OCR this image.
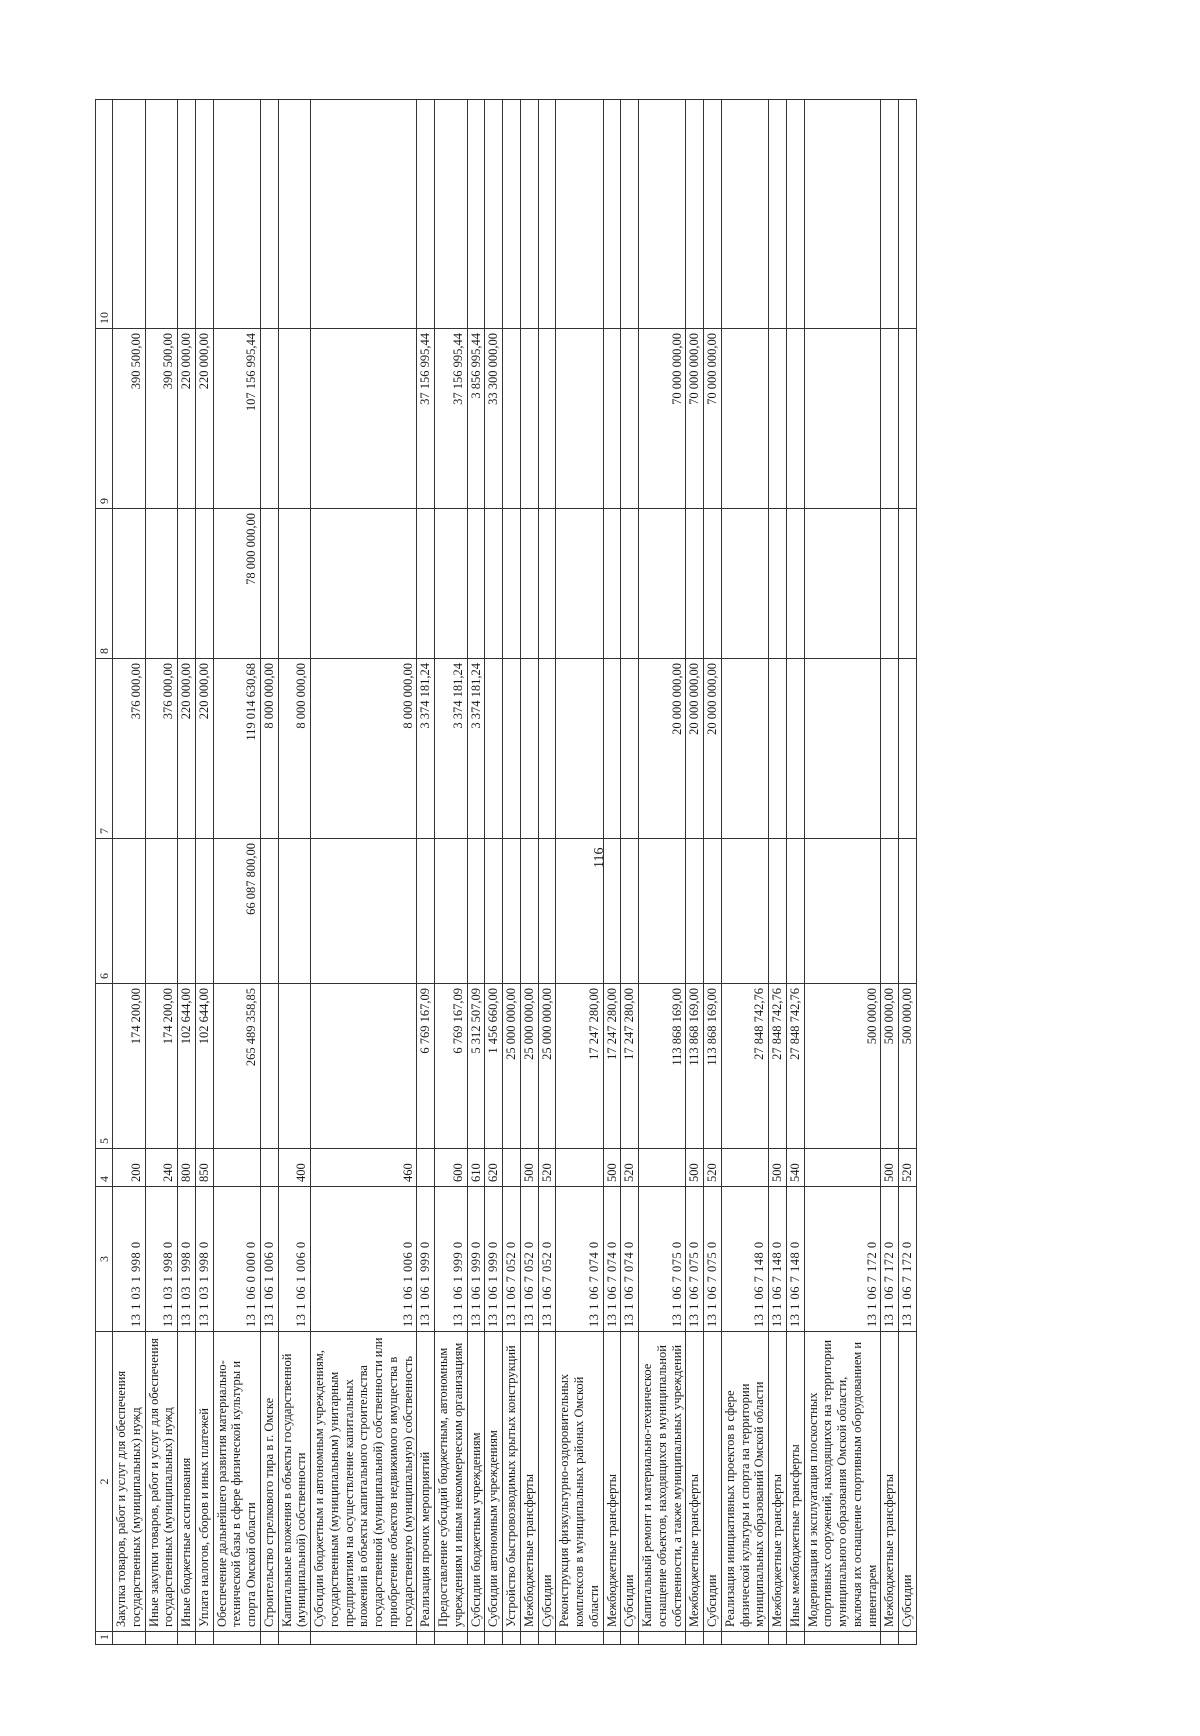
116
1	2	3	4	5	6	7	8	9	10
	Закупка товаров, работ и услуг для обеспечения государственных (муниципальных) нужд	13 1 03 1 998 0	200	174 200,00		376 000,00		390 500,00	
	Иные закупки товаров, работ и услуг для обеспечения государственных (муниципальных) нужд	13 1 03 1 998 0	240	174 200,00		376 000,00		390 500,00	
	Иные бюджетные ассигнования	13 1 03 1 998 0	800	102 644,00		220 000,00		220 000,00	
	Уплата налогов, сборов и иных платежей	13 1 03 1 998 0	850	102 644,00		220 000,00		220 000,00	
	Обеспечение дальнейшего развития материально-технической базы в сфере физической культуры и спорта Омской области	13 1 06 0 000 0		265 489 358,85	66 087 800,00	119 014 630,68	78 000 000,00	107 156 995,44	
	Строительство стрелкового тира в г. Омске	13 1 06 1 006 0				8 000 000,00			
	Капитальные вложения в объекты государственной (муниципальной) собственности	13 1 06 1 006 0	400			8 000 000,00			
	Субсидии бюджетным и автономным учреждениям, государственным (муниципальным) унитарным предприятиям на осуществление капитальных вложений в объекты капитального строительства государственной (муниципальной) собственности или приобретение объектов недвижимого имущества в государственную (муниципальную) собственность	13 1 06 1 006 0	460			8 000 000,00			
	Реализация прочих мероприятий	13 1 06 1 999 0		6 769 167,09		3 374 181,24		37 156 995,44	
	Предоставление субсидий бюджетным, автономным учреждениям и иным некоммерческим организациям	13 1 06 1 999 0	600	6 769 167,09		3 374 181,24		37 156 995,44	
	Субсидии бюджетным учреждениям	13 1 06 1 999 0	610	5 312 507,09		3 374 181,24		3 856 995,44	
	Субсидии автономным учреждениям	13 1 06 1 999 0	620	1 456 660,00				33 300 000,00	
	Устройство быстровозводимых крытых конструкций	13 1 06 7 052 0		25 000 000,00					
	Межбюджетные трансферты	13 1 06 7 052 0	500	25 000 000,00					
	Субсидии	13 1 06 7 052 0	520	25 000 000,00					
	Реконструкция физкультурно-оздоровительных комплексов в муниципальных районах Омской области	13 1 06 7 074 0		17 247 280,00					
	Межбюджетные трансферты	13 1 06 7 074 0	500	17 247 280,00					
	Субсидии	13 1 06 7 074 0	520	17 247 280,00					
	Капитальный ремонт и материально-техническое оснащение объектов, находящихся в муниципальной собственности, а также муниципальных учреждений	13 1 06 7 075 0		113 868 169,00		20 000 000,00		70 000 000,00	
	Межбюджетные трансферты	13 1 06 7 075 0	500	113 868 169,00		20 000 000,00		70 000 000,00	
	Субсидии	13 1 06 7 075 0	520	113 868 169,00		20 000 000,00		70 000 000,00	
	Реализация инициативных проектов в сфере физической культуры и спорта на территории муниципальных образований Омской области	13 1 06 7 148 0		27 848 742,76					
	Межбюджетные трансферты	13 1 06 7 148 0	500	27 848 742,76					
	Иные межбюджетные трансферты	13 1 06 7 148 0	540	27 848 742,76					
	Модернизация и эксплуатация плоскостных спортивных сооружений, находящихся на территории муниципального образования Омской области, включая их оснащение спортивным оборудованием и инвентарем	13 1 06 7 172 0		500 000,00					
	Межбюджетные трансферты	13 1 06 7 172 0	500	500 000,00					
	Субсидии	13 1 06 7 172 0	520	500 000,00					
